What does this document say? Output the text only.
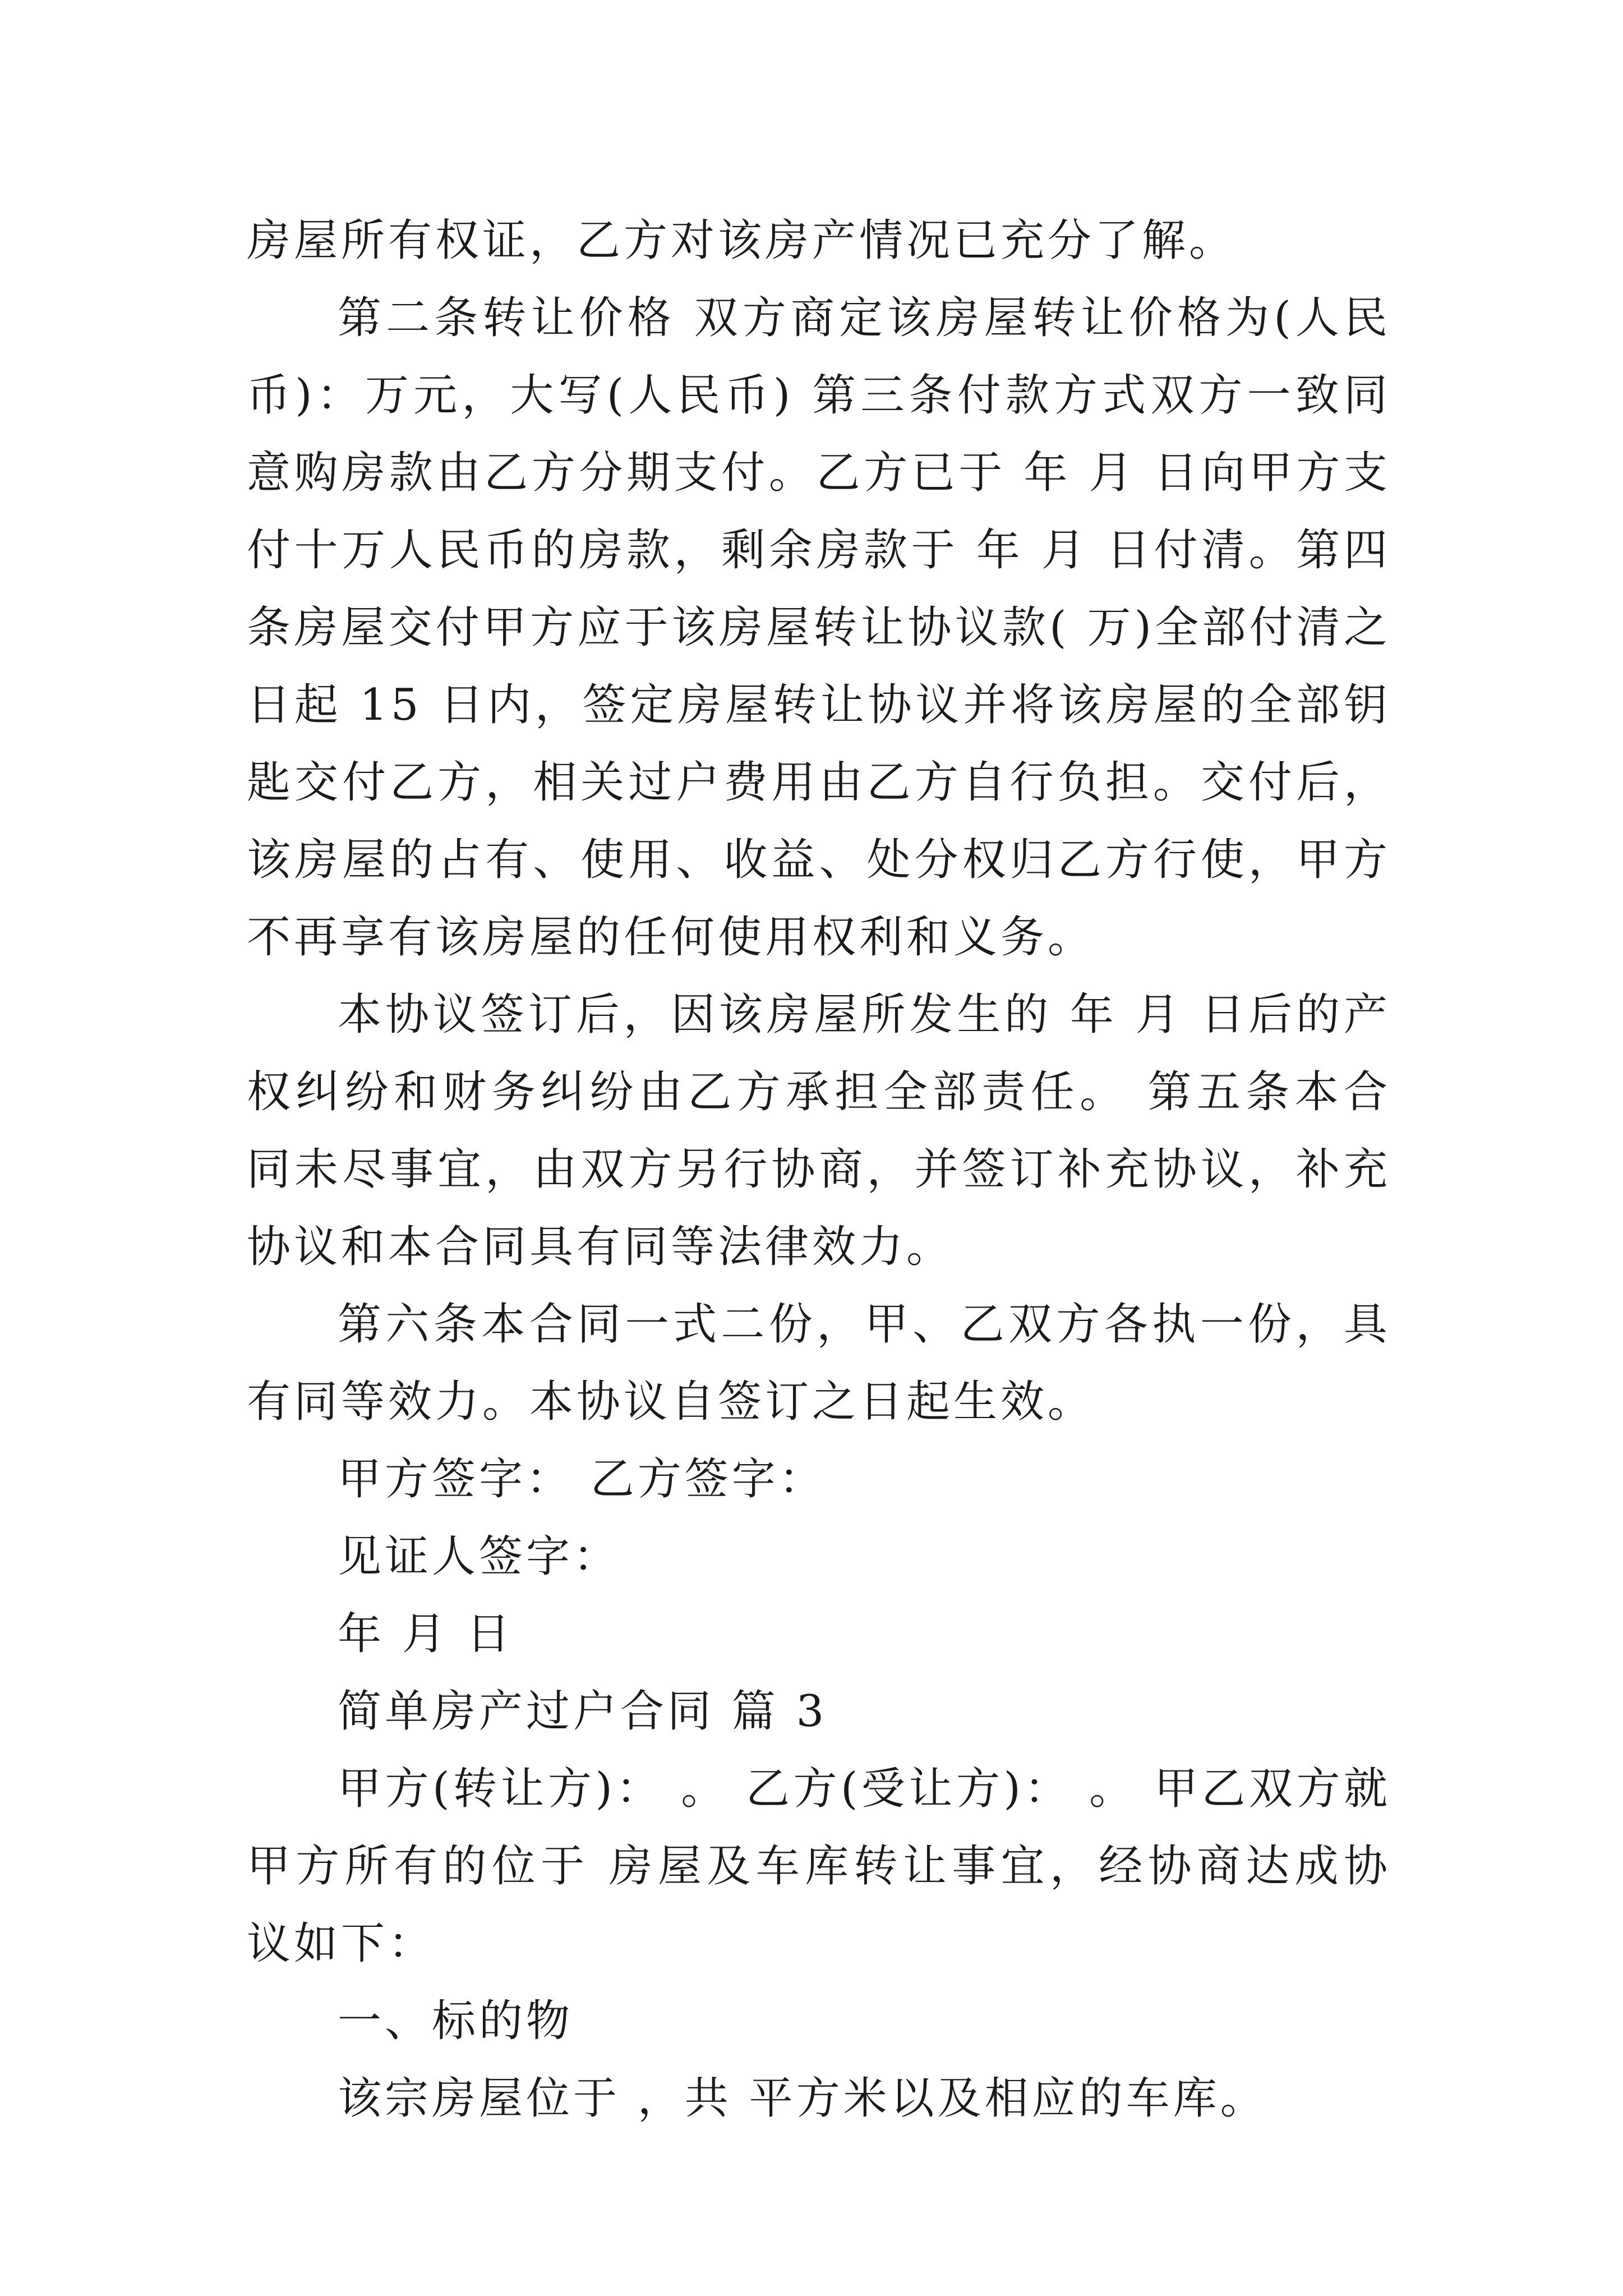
房屋所有权证，乙方对该房产情况已充分了解。

第二条转让价格 双方商定该房屋转让价格为(人民币)：万元，大写(人民币) 第三条付款方式双方一致同意购房款由乙方分期支付。乙方已于 年 月 日向甲方支付十万人民币的房款，剩余房款于 年 月 日付清。第四条房屋交付甲方应于该房屋转让协议款( 万)全部付清之日起 15 日内，签定房屋转让协议并将该房屋的全部钥匙交付乙方，相关过户费用由乙方自行负担。交付后，该房屋的占有、使用、收益、处分权归乙方行使，甲方不再享有该房屋的任何使用权利和义务。

本协议签订后，因该房屋所发生的 年 月 日后的产权纠纷和财务纠纷由乙方承担全部责任。 第五条本合同未尽事宜，由双方另行协商，并签订补充协议，补充协议和本合同具有同等法律效力。

第六条本合同一式二份，甲、乙双方各执一份，具有同等效力。本协议自签订之日起生效。

甲方签字： 乙方签字：

见证人签字：

年 月 日

简单房产过户合同 篇 3

甲方(转让方)： 。 乙方(受让方)： 。 甲乙双方就甲方所有的位于 房屋及车库转让事宜，经协商达成协议如下：

一、标的物

该宗房屋位于 ，共 平方米以及相应的车库。
